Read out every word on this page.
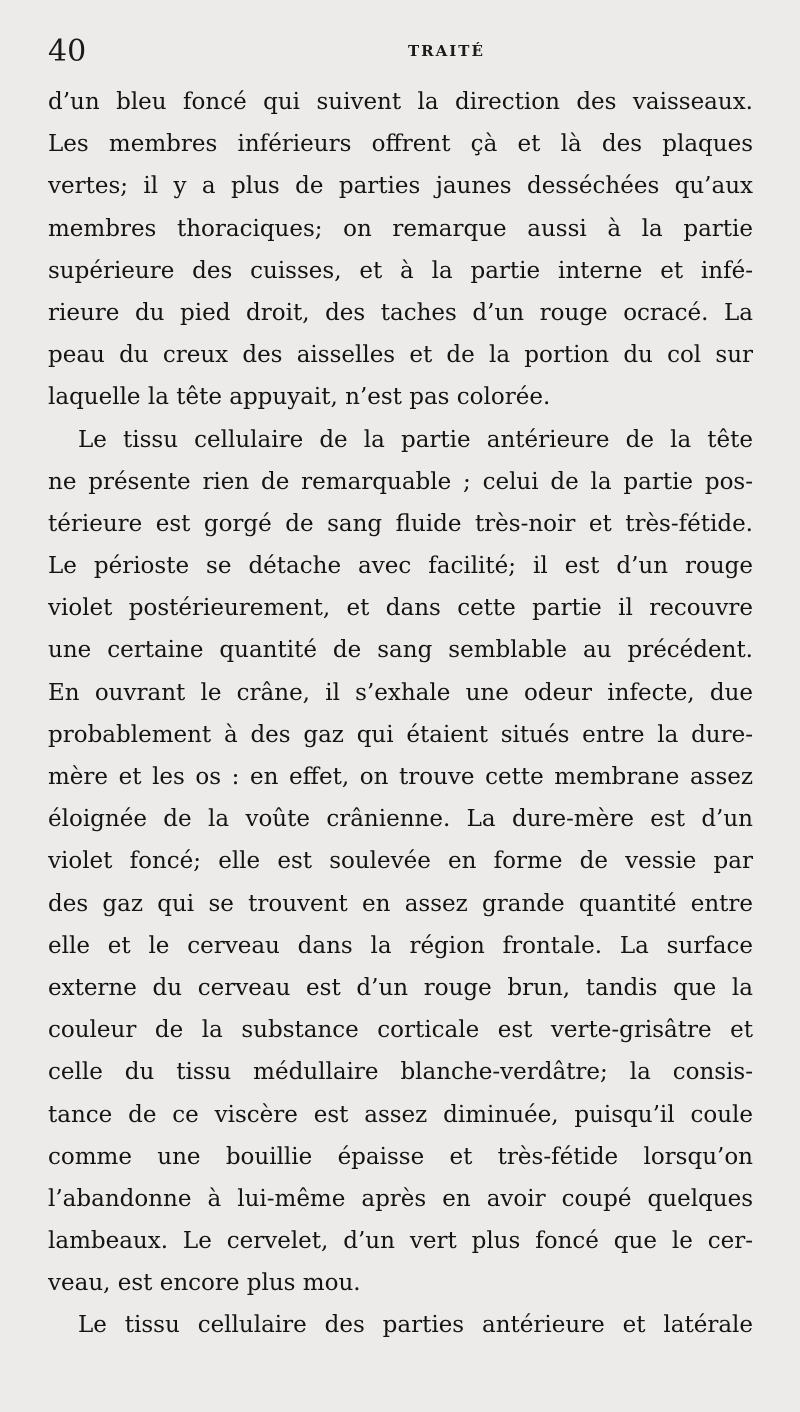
40	TRAITÉ
d’un bleu foncé qui suivent la direction des vaisseaux.
Les membres inférieurs offrent çà et là des plaques
vertes; il y a plus de parties jaunes desséchées qu’aux
membres thoraciques; on remarque aussi à la partie
supérieure des cuisses, et à la partie interne et infé-
rieure du pied droit, des taches d’un rouge ocracé. La
peau du creux des aisselles et de la portion du col sur
laquelle la tête appuyait, n’est pas colorée.
Le tissu cellulaire de la partie antérieure de la tête
ne présente rien de remarquable ; celui de la partie pos-
térieure est gorgé de sang fluide très-noir et très-fétide.
Le périoste se détache avec facilité; il est d’un rouge
violet postérieurement, et dans cette partie il recouvre
une certaine quantité de sang semblable au précédent.
En ouvrant le crâne, il s’exhale une odeur infecte, due
probablement à des gaz qui étaient situés entre la dure-
mère et les os : en effet, on trouve cette membrane assez
éloignée de la voûte crânienne. La dure-mère est d’un
violet foncé; elle est soulevée en forme de vessie par
des gaz qui se trouvent en assez grande quantité entre
elle et le cerveau dans la région frontale. La surface
externe du cerveau est d’un rouge brun, tandis que la
couleur de la substance corticale est verte-grisâtre et
celle du tissu médullaire blanche-verdâtre; la consis-
tance de ce viscère est assez diminuée, puisqu’il coule
comme une bouillie épaisse et très-fétide lorsqu’on
l’abandonne à lui-même après en avoir coupé quelques
lambeaux. Le cervelet, d’un vert plus foncé que le cer-
veau, est encore plus mou.
Le tissu cellulaire des parties antérieure et latérale
